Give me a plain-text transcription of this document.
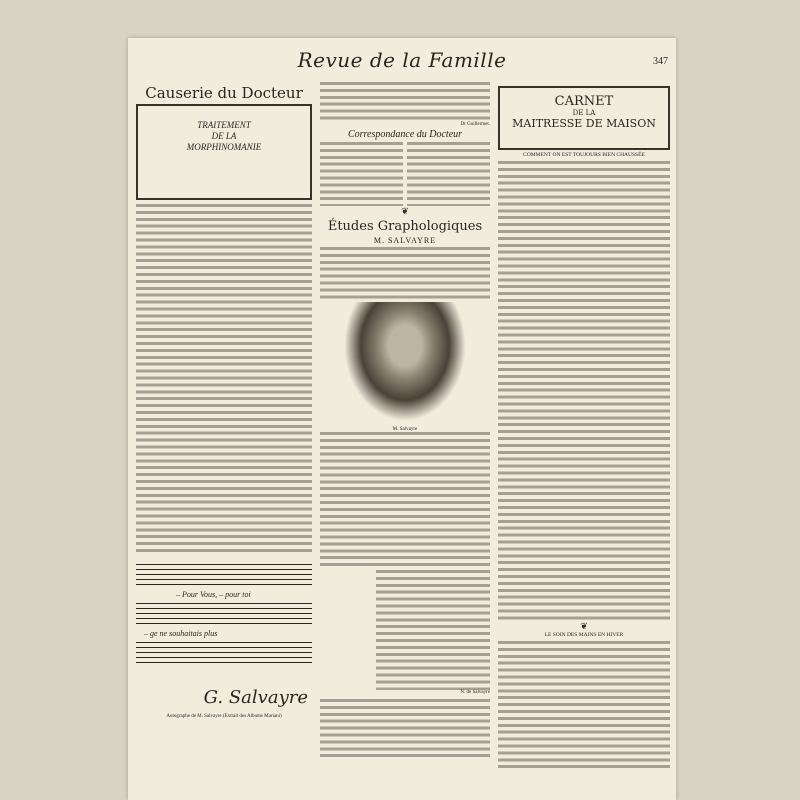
Revue de la Famille	347
Causerie du Docteur
TRAITEMENT
DE LA
MORPHINOMANIE
– Pour Vous, – pour toi
– ge ne souhaitais plus
G. Salvayre
Autographe de M. Salvayre (Extrait des Albums Mariani)
Dr Guillermet.
Correspondance du Docteur
❦
Études Graphologiques
M. SALVAYRE
M. Salvayre
N. de Salvayre
CARNET
DE LA
MAITRESSE DE MAISON
COMMENT ON EST TOUJOURS BIEN CHAUSSÉE
❦
LE SOIN DES MAINS EN HIVER
